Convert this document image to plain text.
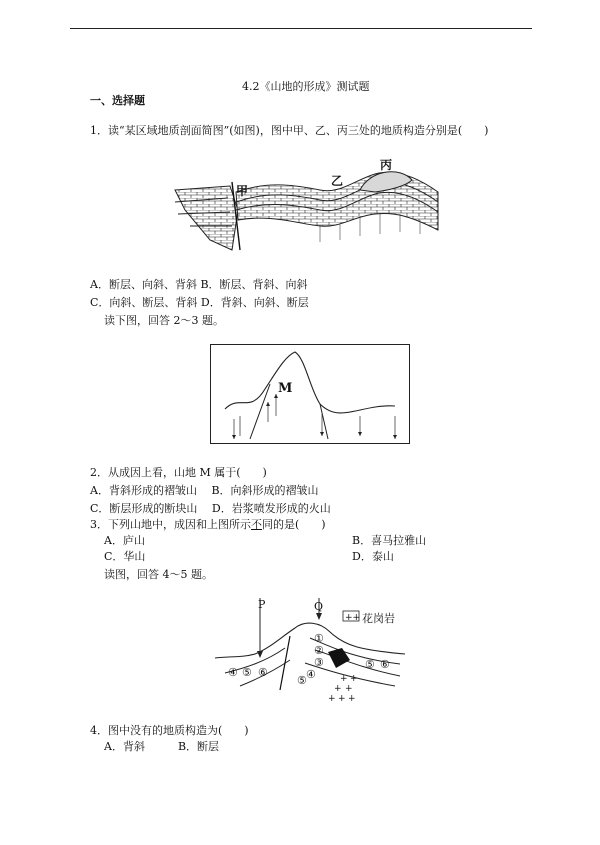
4.2《山地的形成》测试题
一、选择题
1．读“某区域地质剖面简图”(如图)，图中甲、乙、丙三处的地质构造分别是(　　)
甲
乙
丙
A．断层、向斜、背斜 B．断层、背斜、向斜
C．向斜、断层、背斜 D．背斜、向斜、断层
读下图，回答 2～3 题。
M
2．从成因上看，山地 M 属于(　　)
A．背斜形成的褶皱山　 B．向斜形成的褶皱山
C．断层形成的断块山　 D．岩浆喷发形成的火山
3．下列山地中，成因和上图所示不同的是(　　)
A．庐山	B．喜马拉雅山
C．华山	D．泰山
读图，回答 4～5 题。
P	Q
++ 花岗岩
①
②
③
④
⑤
④ ⑤ ⑥
⑤ ⑥
+ +
+ +
+ + +
4．图中没有的地质构造为(　　)
A．背斜　　　B．断层
